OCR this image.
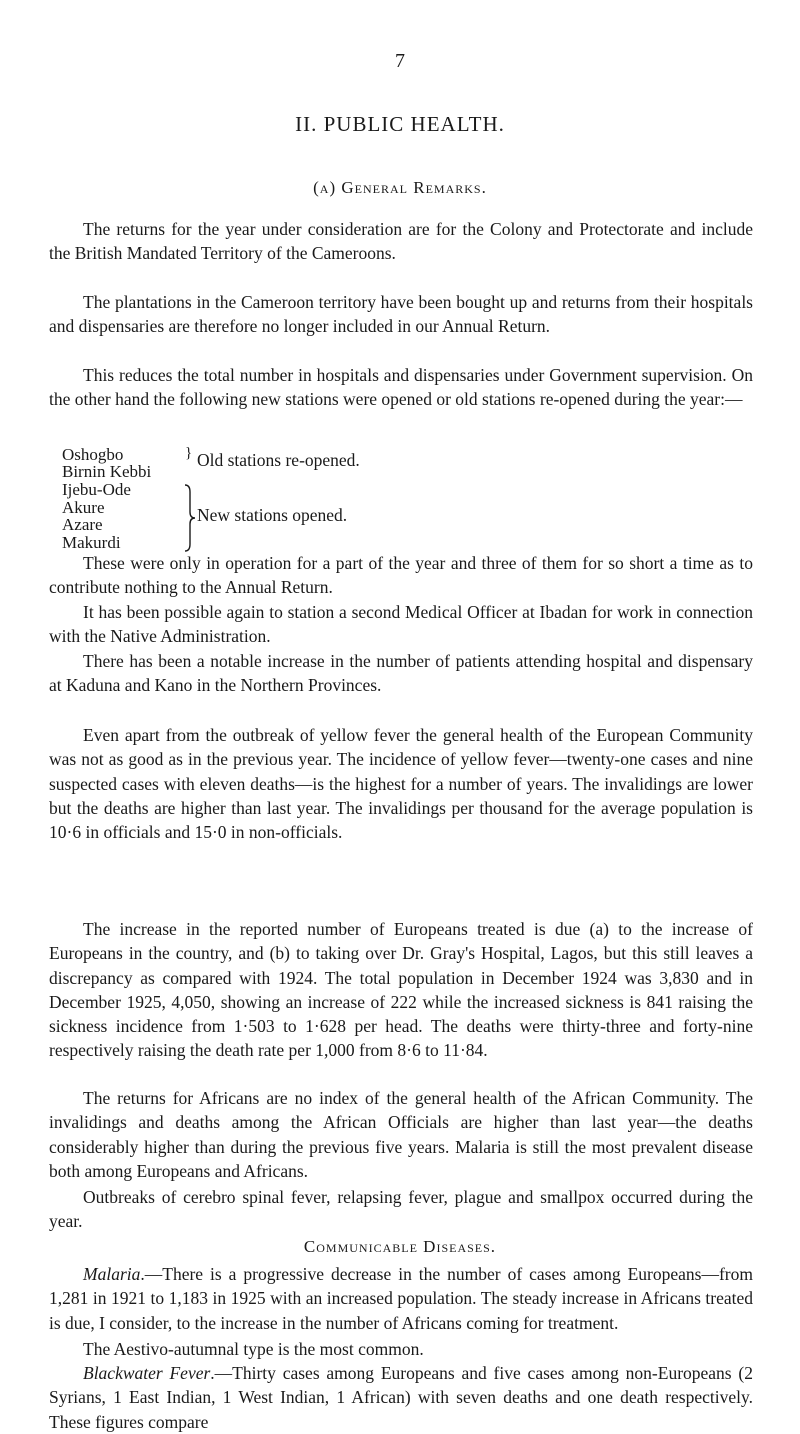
7
II. PUBLIC HEALTH.
(a) General Remarks.

The returns for the year under consideration are for the Colony and Protectorate and include the British Mandated Territory of the Cameroons.

The plantations in the Cameroon territory have been bought up and returns from their hospitals and dispensaries are therefore no longer included in our Annual Return.

This reduces the total number in hospitals and dispensaries under Government supervision. On the other hand the following new stations were opened or old stations re-opened during the year:—

Oshogbo
Birnin Kebbi
} Old stations re-opened.
Ijebu-Ode
Akure
Azare
Makurdi
New stations opened.

These were only in operation for a part of the year and three of them for so short a time as to contribute nothing to the Annual Return.

It has been possible again to station a second Medical Officer at Ibadan for work in connection with the Native Administration.

There has been a notable increase in the number of patients attending hospital and dispensary at Kaduna and Kano in the Northern Provinces.

Even apart from the outbreak of yellow fever the general health of the European Community was not as good as in the previous year. The incidence of yellow fever—twenty-one cases and nine suspected cases with eleven deaths—is the highest for a number of years. The invalidings are lower but the deaths are higher than last year. The invalidings per thousand for the average population is 10·6 in officials and 15·0 in non-officials.

The increase in the reported number of Europeans treated is due (a) to the increase of Europeans in the country, and (b) to taking over Dr. Gray's Hospital, Lagos, but this still leaves a discrepancy as compared with 1924. The total population in December 1924 was 3,830 and in December 1925, 4,050, showing an increase of 222 while the increased sickness is 841 raising the sickness incidence from 1·503 to 1·628 per head. The deaths were thirty-three and forty-nine respectively raising the death rate per 1,000 from 8·6 to 11·84.

The returns for Africans are no index of the general health of the African Community. The invalidings and deaths among the African Officials are higher than last year—the deaths considerably higher than during the previous five years. Malaria is still the most prevalent disease both among Europeans and Africans.

Outbreaks of cerebro spinal fever, relapsing fever, plague and smallpox occurred during the year.

Communicable Diseases.

Malaria.—There is a progressive decrease in the number of cases among Europeans—from 1,281 in 1921 to 1,183 in 1925 with an increased population. The steady increase in Africans treated is due, I consider, to the increase in the number of Africans coming for treatment.

The Aestivo-autumnal type is the most common.

Blackwater Fever.—Thirty cases among Europeans and five cases among non-Europeans (2 Syrians, 1 East Indian, 1 West Indian, 1 African) with seven deaths and one death respectively. These figures compare
